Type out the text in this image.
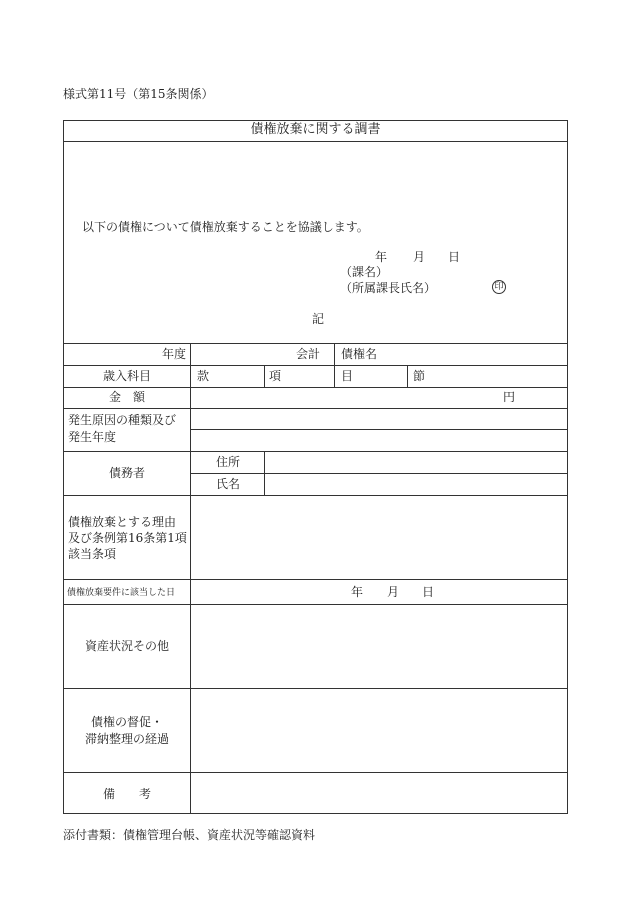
様式第11号（第15条関係）
債権放棄に関する調書
以下の債権について債権放棄することを協議します。
年 月 日
（課名）
（所属課長氏名）	印
記
年度	会計 債権名
歳入科目	款	項	目	節
金　額	円
発生原因の種類及び
発生年度
債務者
住所
氏名
債権放棄とする理由
及び条例第16条第1項
該当条項
債権放棄要件に該当した日	年 月 日
資産状況その他
債権の督促・
滞納整理の経過
備　　考
添付書類：債権管理台帳、資産状況等確認資料
